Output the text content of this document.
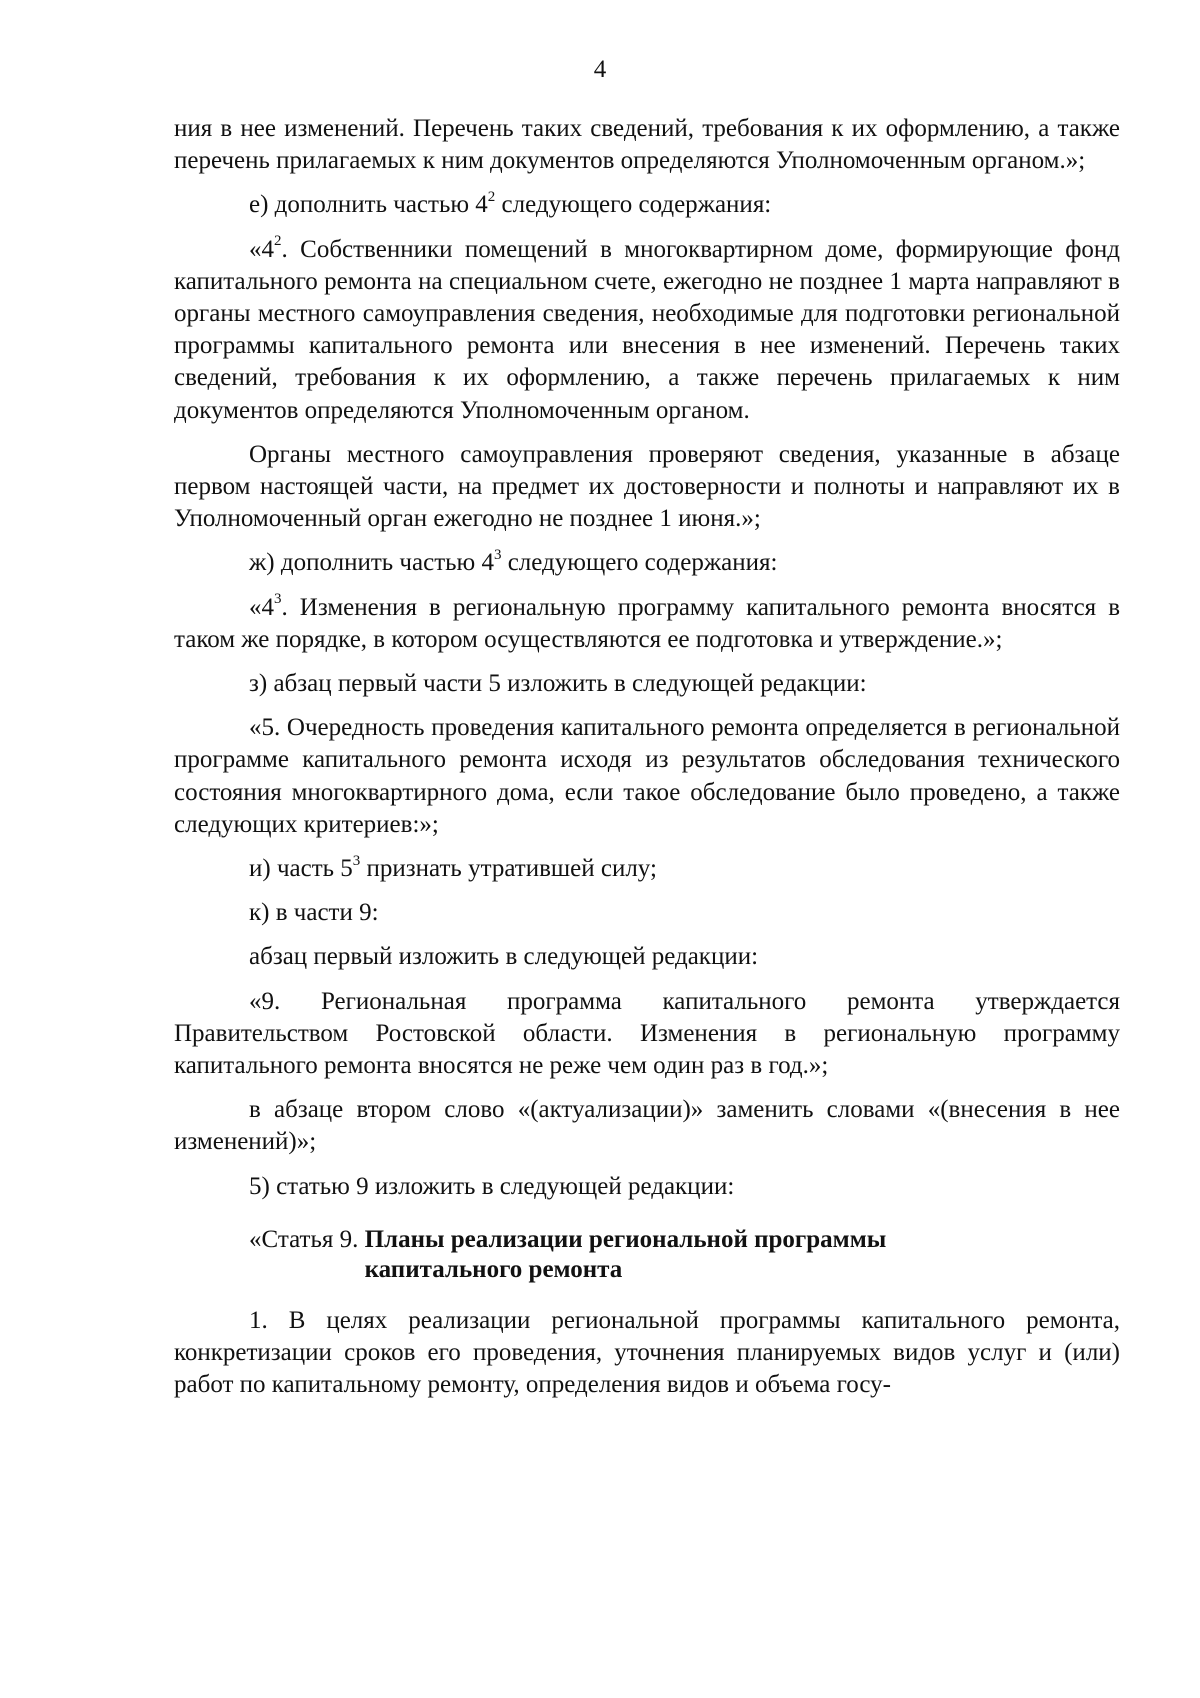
4

ния в нее изменений. Перечень таких сведений, требования к их оформлению, а также перечень прилагаемых к ним документов определяются Уполномоченным органом.»;

е) дополнить частью $4^2$ следующего содержания:

«$4^2$. Собственники помещений в многоквартирном доме, формирующие фонд капитального ремонта на специальном счете, ежегодно не позднее 1 марта направляют в органы местного самоуправления сведения, необходимые для подготовки региональной программы капитального ремонта или внесения в нее изменений. Перечень таких сведений, требования к их оформлению, а также перечень прилагаемых к ним документов определяются Уполномоченным органом.

Органы местного самоуправления проверяют сведения, указанные в абзаце первом настоящей части, на предмет их достоверности и полноты и направляют их в Уполномоченный орган ежегодно не позднее 1 июня.»;

ж) дополнить частью $4^3$ следующего содержания:

«$4^3$. Изменения в региональную программу капитального ремонта вносятся в таком же порядке, в котором осуществляются ее подготовка и утверждение.»;

з) абзац первый части 5 изложить в следующей редакции:

«5. Очередность проведения капитального ремонта определяется в региональной программе капитального ремонта исходя из результатов обследования технического состояния многоквартирного дома, если такое обследование было проведено, а также следующих критериев:»;

и) часть $5^3$ признать утратившей силу;

к) в части 9:

абзац первый изложить в следующей редакции:

«9. Региональная программа капитального ремонта утверждается Правительством Ростовской области. Изменения в региональную программу капитального ремонта вносятся не реже чем один раз в год.»;

в абзаце втором слово «(актуализации)» заменить словами «(внесения в нее изменений)»;

5) статью 9 изложить в следующей редакции:

«Статья 9. Планы реализации региональной программы
капитального ремонта

1. В целях реализации региональной программы капитального ремонта, конкретизации сроков его проведения, уточнения планируемых видов услуг и (или) работ по капитальному ремонту, определения видов и объема госу-
